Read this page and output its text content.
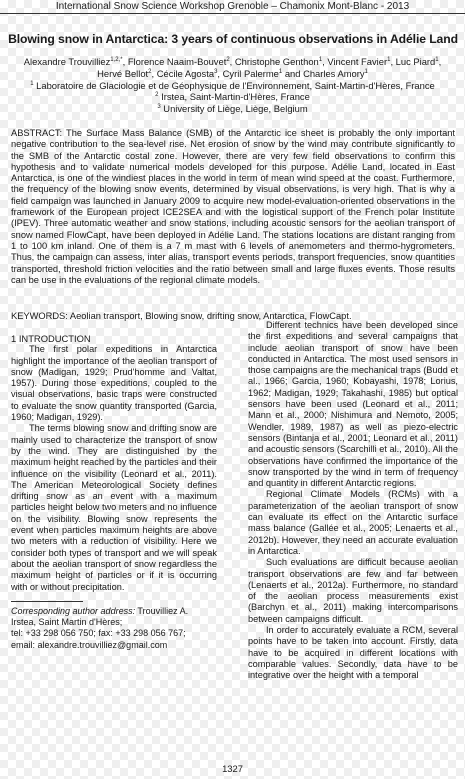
International Snow Science Workshop Grenoble – Chamonix Mont-Blanc - 2013
Blowing snow in Antarctica: 3 years of continuous observations in Adélie Land
Alexandre Trouvilliez$^{1,2,*}$, Florence Naaim-Bouvet$^2$, Christophe Genthon$^1$, Vincent Favier$^1$, Luc Piard$^1$,
Hervé Bellot$^2$, Cécile Agosta$^3$, Cyril Palerme$^1$ and Charles Amory$^1$
$^1$ Laboratoire de Glaciologie et de Géophysique de l'Environnement, Saint-Martin-d'Hères, France
$^2$ Irstea, Saint-Martin-d'Hères, France
$^3$ University of Liège, Liège, Belgium
ABSTRACT: The Surface Mass Balance (SMB) of the Antarctic ice sheet is probably the only important negative contribution to the sea-level rise. Net erosion of snow by the wind may contribute significantly to the SMB of the Antarctic costal zone. However, there are very few field observations to confirm this hypothesis and to validate numerical models developed for this purpose. Adélie Land, located in East Antarctica, is one of the windiest places in the world in term of mean wind speed at the coast. Furthermore, the frequency of the blowing snow events, determined by visual observations, is very high. That is why a field campaign was launched in January 2009 to acquire new model-evaluation-oriented observations in the framework of the European project ICE2SEA and with the logistical support of the French polar Institute (IPEV). Three automatic weather and snow stations, including acoustic sensors for the aeolian transport of snow named FlowCapt, have been deployed in Adélie Land. The stations locations are distant ranging from 1 to 100 km inland. One of them is a 7 m mast with 6 levels of anemometers and thermo-hygrometers. Thus, the campaign can assess, inter alias, transport events periods, transport frequencies, snow quantities transported, threshold friction velocities and the ratio between small and large fluxes events. Those results can be use in the evaluations of the regional climate models.
KEYWORDS: Aeolian transport, Blowing snow, drifting snow, Antarctica, FlowCapt.

1 INTRODUCTION

The first polar expeditions in Antarctica highlight the importance of the aeolian transport of snow (Madigan, 1929; Prud'homme and Valtat, 1957). During those expeditions, coupled to the visual observations, basic traps were constructed to evaluate the snow quantity transported (Garcia, 1960; Madigan, 1929).

The terms blowing snow and drifting snow are mainly used to characterize the transport of snow by the wind. They are distinguished by the maximum height reached by the particles and their influence on the visibility (Leonard et al., 2011). The American Meteorological Society defines drifting snow as an event with a maximum particles height below two meters and no influence on the visibility. Blowing snow represents the event when particles maximum heights are above two meters with a reduction of visibility. Here we consider both types of transport and we will speak about the aeolian transport of snow regardless the maximum height of particles or if it is occurring with or without precipitation.

Corresponding author address: Trouvilliez A.
Irstea, Saint Martin d'Hères;
tel: +33 298 056 750; fax: +33 298 056 767;
email: alexandre.trouvilliez@gmail.com

Different technics have been developed since the first expeditions and several campaigns that include aeolian transport of snow have been conducted in Antarctica. The most used sensors in those campaigns are the mechanical traps (Budd et al., 1966; Garcia, 1960; Kobayashi, 1978; Lorius, 1962; Madigan, 1929; Takahashi, 1985) but optical sensors have been used (Leonard et al., 2011; Mann et al., 2000; Nishimura and Nemoto, 2005; Wendler, 1989, 1987) as well as piezo-electric sensors (Bintanja et al., 2001; Leonard et al., 2011) and acoustic sensors (Scarchilli et al., 2010). All the observations have confirmed the importance of the snow transported by the wind in term of frequency and quantity in different Antarctic regions.

Regional Climate Models (RCMs) with a parameterization of the aeolian transport of snow can evaluate its effect on the Antarctic surface mass balance (Gallée et al., 2005; Lenaerts et al., 2012b). However, they need an accurate evaluation in Antarctica.

Such evaluations are difficult because aeolian transport observations are few and far between (Lenaerts et al., 2012a). Furthermore, no standard of the aeolian process measurements exist (Barchyn et al., 2011) making intercomparisons between campaigns difficult.

In order to accurately evaluate a RCM, several points have to be taken into account. Firstly, data have to be acquired in different locations with comparable values. Secondly, data have to be integrative over the height with a temporal

1327
